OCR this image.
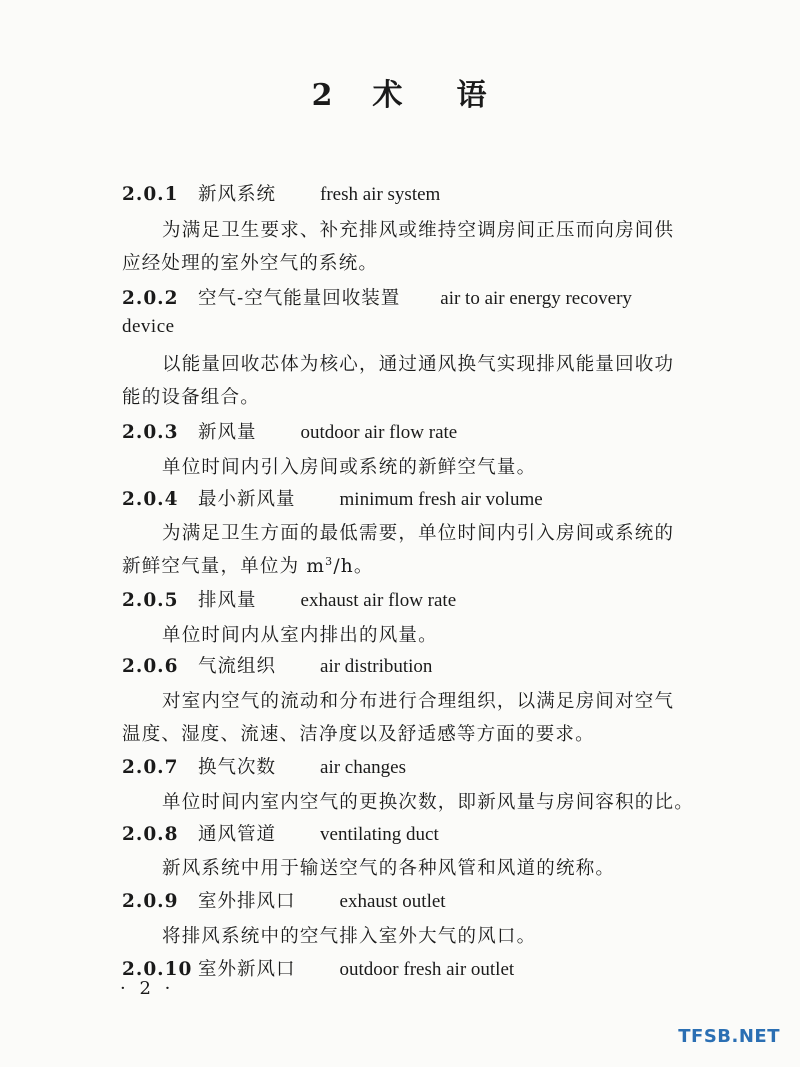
2 术 语
2.0.1 新风系统 fresh air system
为满足卫生要求、补充排风或维持空调房间正压而向房间供
应经处理的室外空气的系统。
2.0.2 空气-空气能量回收装置 air to air energy recovery
device
以能量回收芯体为核心，通过通风换气实现排风能量回收功
能的设备组合。
2.0.3 新风量 outdoor air flow rate
单位时间内引入房间或系统的新鲜空气量。
2.0.4 最小新风量 minimum fresh air volume
为满足卫生方面的最低需要，单位时间内引入房间或系统的
新鲜空气量，单位为 $m^3/h$。
2.0.5 排风量 exhaust air flow rate
单位时间内从室内排出的风量。
2.0.6 气流组织 air distribution
对室内空气的流动和分布进行合理组织，以满足房间对空气
温度、湿度、流速、洁净度以及舒适感等方面的要求。
2.0.7 换气次数 air changes
单位时间内室内空气的更换次数，即新风量与房间容积的比。
2.0.8 通风管道 ventilating duct
新风系统中用于输送空气的各种风管和风道的统称。
2.0.9 室外排风口 exhaust outlet
将排风系统中的空气排入室外大气的风口。
2.0.10 室外新风口 outdoor fresh air outlet
· 2 ·
TFSB.NET
